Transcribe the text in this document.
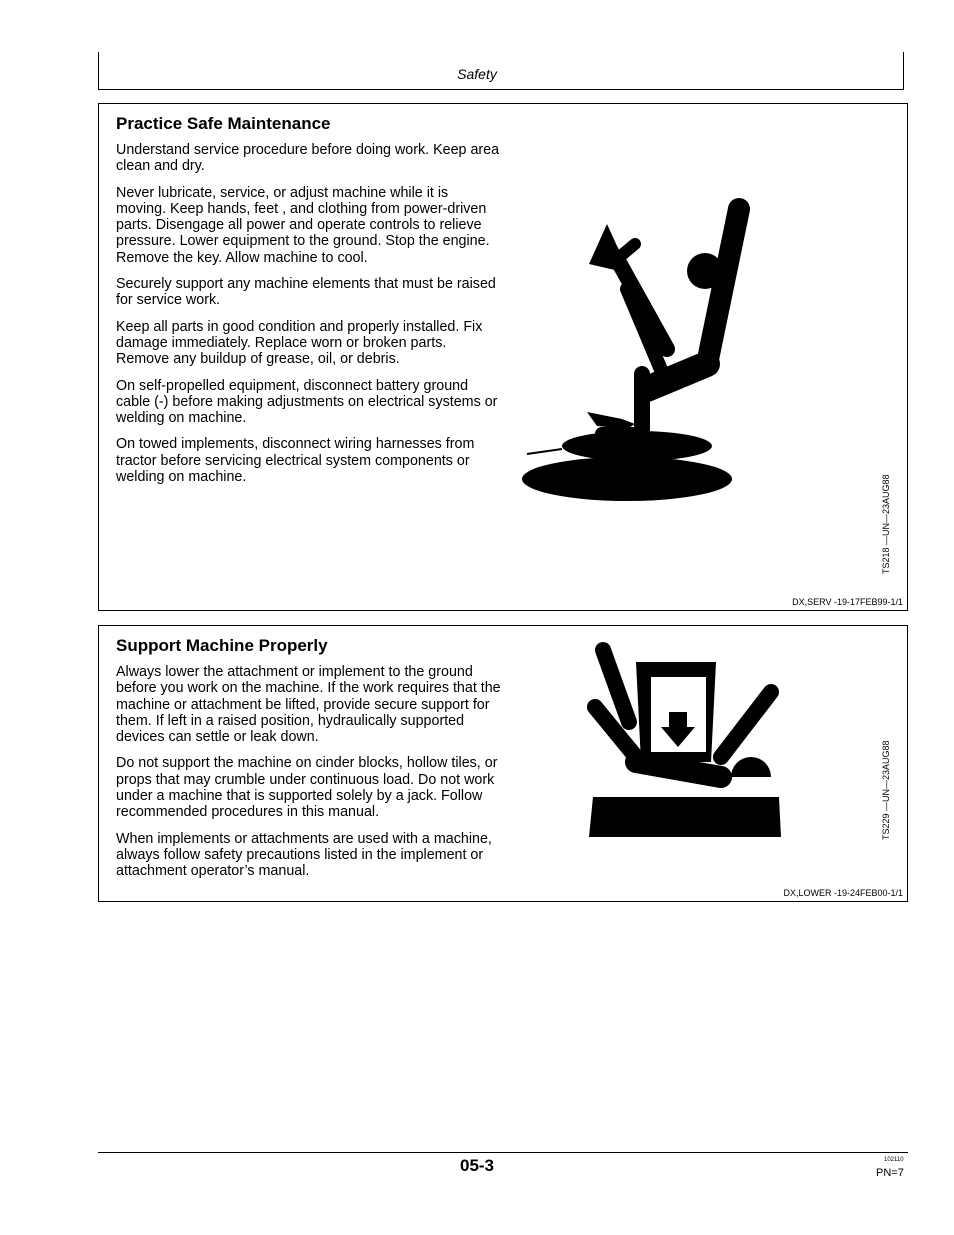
Safety
Practice Safe Maintenance

Understand service procedure before doing work. Keep area clean and dry.

Never lubricate, service, or adjust machine while it is moving. Keep hands, feet , and clothing from power-driven parts. Disengage all power and operate controls to relieve pressure. Lower equipment to the ground. Stop the engine. Remove the key. Allow machine to cool.

Securely support any machine elements that must be raised for service work.

Keep all parts in good condition and properly installed. Fix damage immediately. Replace worn or broken parts. Remove any buildup of grease, oil, or debris.

On self-propelled equipment, disconnect battery ground cable (-) before making adjustments on electrical systems or welding on machine.

On towed implements, disconnect wiring harnesses from tractor before servicing electrical system components or welding on machine.	TS218 —UN—23AUG88
DX,SERV -19-17FEB99-1/1
Support Machine Properly

Always lower the attachment or implement to the ground before you work on the machine. If the work requires that the machine or attachment be lifted, provide secure support for them. If left in a raised position, hydraulically supported devices can settle or leak down.

Do not support the machine on cinder blocks, hollow tiles, or props that may crumble under continuous load. Do not work under a machine that is supported solely by a jack. Follow recommended procedures in this manual.

When implements or attachments are used with a machine, always follow safety precautions listed in the implement or attachment operator’s manual.

TS229 —UN—23AUG88
DX,LOWER -19-24FEB00-1/1
05-3	102110
PN=7
